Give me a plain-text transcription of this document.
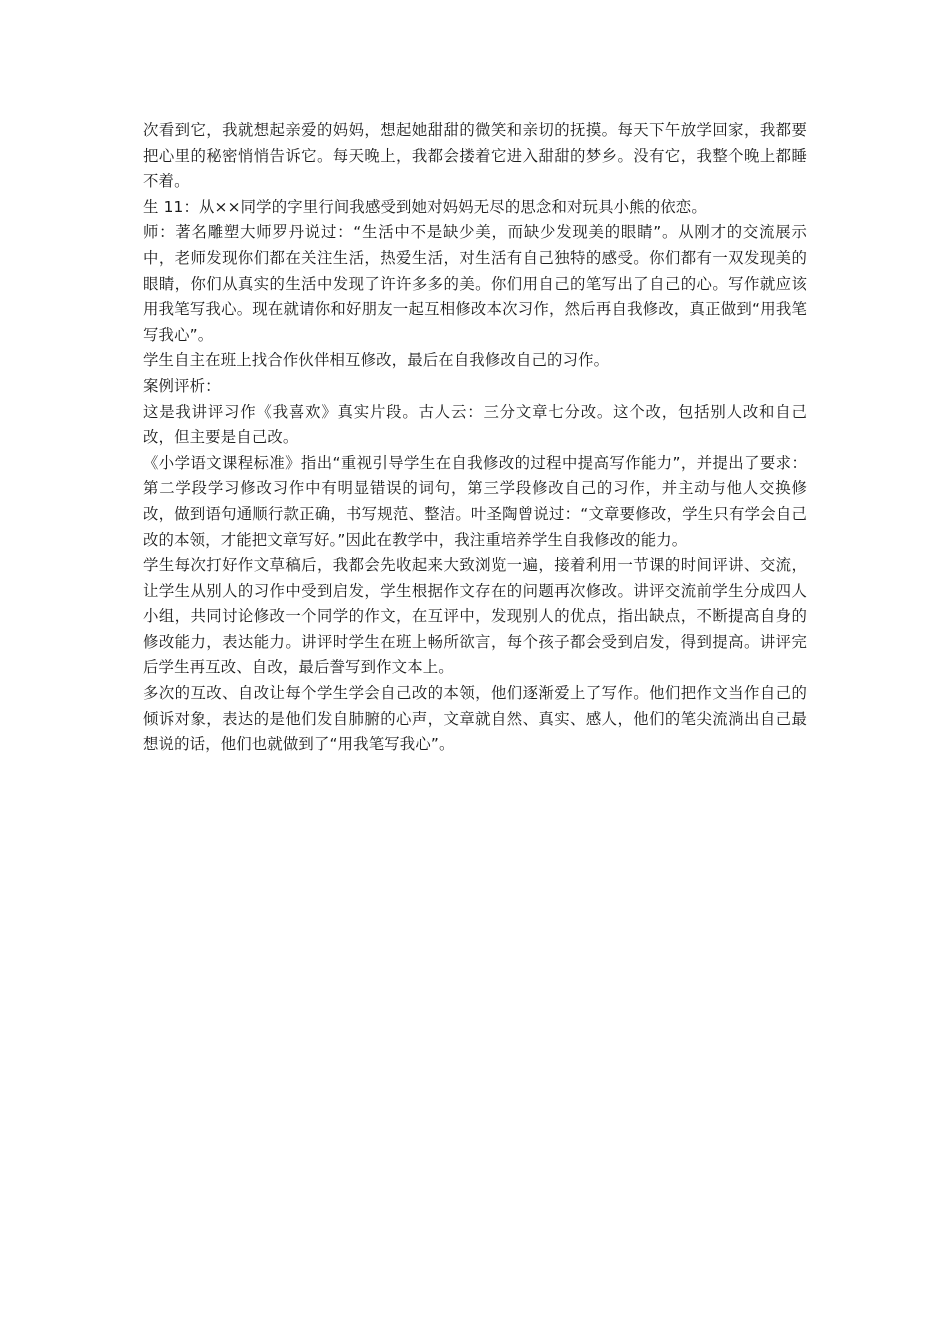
次看到它，我就想起亲爱的妈妈，想起她甜甜的微笑和亲切的抚摸。每天下午放学回家，我都要把心里的秘密悄悄告诉它。每天晚上，我都会搂着它进入甜甜的梦乡。没有它，我整个晚上都睡不着。

生 11：从××同学的字里行间我感受到她对妈妈无尽的思念和对玩具小熊的依恋。

师：著名雕塑大师罗丹说过：“生活中不是缺少美，而缺少发现美的眼睛”。从刚才的交流展示中，老师发现你们都在关注生活，热爱生活，对生活有自己独特的感受。你们都有一双发现美的眼睛，你们从真实的生活中发现了许许多多的美。你们用自己的笔写出了自己的心。写作就应该用我笔写我心。现在就请你和好朋友一起互相修改本次习作，然后再自我修改，真正做到“用我笔写我心”。

学生自主在班上找合作伙伴相互修改，最后在自我修改自己的习作。

案例评析：

这是我讲评习作《我喜欢》真实片段。古人云：三分文章七分改。这个改，包括别人改和自己改，但主要是自己改。

《小学语文课程标准》指出“重视引导学生在自我修改的过程中提高写作能力”，并提出了要求：第二学段学习修改习作中有明显错误的词句，第三学段修改自己的习作，并主动与他人交换修改，做到语句通顺行款正确，书写规范、整洁。叶圣陶曾说过：“文章要修改，学生只有学会自己改的本领，才能把文章写好。”因此在教学中，我注重培养学生自我修改的能力。

学生每次打好作文草稿后，我都会先收起来大致浏览一遍，接着利用一节课的时间评讲、交流，让学生从别人的习作中受到启发，学生根据作文存在的问题再次修改。讲评交流前学生分成四人小组，共同讨论修改一个同学的作文，在互评中，发现别人的优点，指出缺点，不断提高自身的修改能力，表达能力。讲评时学生在班上畅所欲言，每个孩子都会受到启发，得到提高。讲评完后学生再互改、自改，最后誊写到作文本上。

多次的互改、自改让每个学生学会自己改的本领，他们逐渐爱上了写作。他们把作文当作自己的倾诉对象，表达的是他们发自肺腑的心声，文章就自然、真实、感人，他们的笔尖流淌出自己最想说的话，他们也就做到了“用我笔写我心”。
